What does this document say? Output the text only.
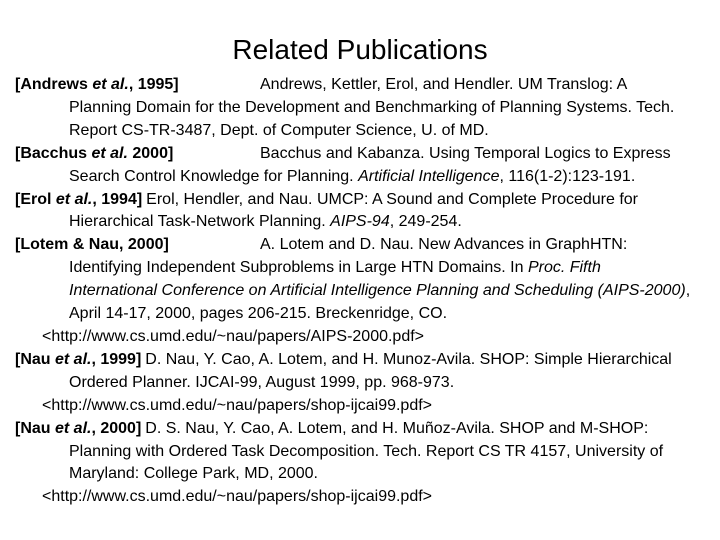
Related Publications
[Andrews et al., 1995]	Andrews, Kettler, Erol, and Hendler. UM Translog: A Planning Domain for the Development and Benchmarking of Planning Systems. Tech. Report CS-TR-3487, Dept. of Computer Science, U. of MD.
[Bacchus et al. 2000]	Bacchus and Kabanza. Using Temporal Logics to Express Search Control Knowledge for Planning. Artificial Intelligence, 116(1-2):123-191.
[Erol et al., 1994] Erol, Hendler, and Nau. UMCP: A Sound and Complete Procedure for Hierarchical Task-Network Planning. AIPS-94, 249-254.
[Lotem & Nau, 2000]	A. Lotem and D. Nau. New Advances in GraphHTN: Identifying Independent Subproblems in Large HTN Domains. In Proc. Fifth International Conference on Artificial Intelligence Planning and Scheduling (AIPS-2000), April 14-17, 2000, pages 206-215. Breckenridge, CO.
<http://www.cs.umd.edu/~nau/papers/AIPS-2000.pdf>
[Nau et al., 1999] D. Nau, Y. Cao, A. Lotem, and H. Munoz-Avila. SHOP: Simple Hierarchical Ordered Planner. IJCAI-99, August 1999, pp. 968-973.
<http://www.cs.umd.edu/~nau/papers/shop-ijcai99.pdf>
[Nau et al., 2000] D. S. Nau, Y. Cao, A. Lotem, and H. Muñoz-Avila. SHOP and M-SHOP: Planning with Ordered Task Decomposition. Tech. Report CS TR 4157, University of Maryland: College Park, MD, 2000.
<http://www.cs.umd.edu/~nau/papers/shop-ijcai99.pdf>
